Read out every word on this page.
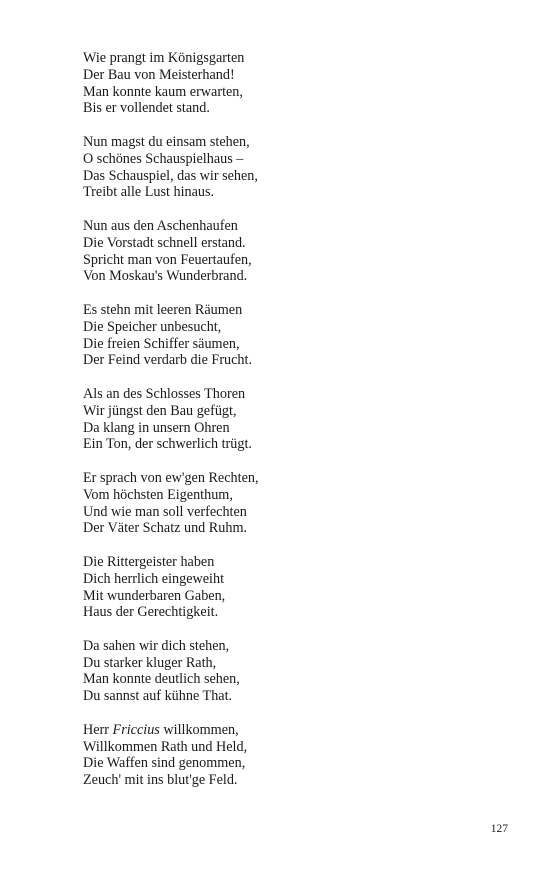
Wie prangt im Königsgarten
Der Bau von Meisterhand!
Man konnte kaum erwarten,
Bis er vollendet stand.
Nun magst du einsam stehen,
O schönes Schauspielhaus –
Das Schauspiel, das wir sehen,
Treibt alle Lust hinaus.
Nun aus den Aschenhaufen
Die Vorstadt schnell erstand.
Spricht man von Feuertaufen,
Von Moskau's Wunderbrand.
Es stehn mit leeren Räumen
Die Speicher unbesucht,
Die freien Schiffer säumen,
Der Feind verdarb die Frucht.
Als an des Schlosses Thoren
Wir jüngst den Bau gefügt,
Da klang in unsern Ohren
Ein Ton, der schwerlich trügt.
Er sprach von ew'gen Rechten,
Vom höchsten Eigenthum,
Und wie man soll verfechten
Der Väter Schatz und Ruhm.
Die Rittergeister haben
Dich herrlich eingeweiht
Mit wunderbaren Gaben,
Haus der Gerechtigkeit.
Da sahen wir dich stehen,
Du starker kluger Rath,
Man konnte deutlich sehen,
Du sannst auf kühne That.
Herr Friccius willkommen,
Willkommen Rath und Held,
Die Waffen sind genommen,
Zeuch' mit ins blut'ge Feld.
127
